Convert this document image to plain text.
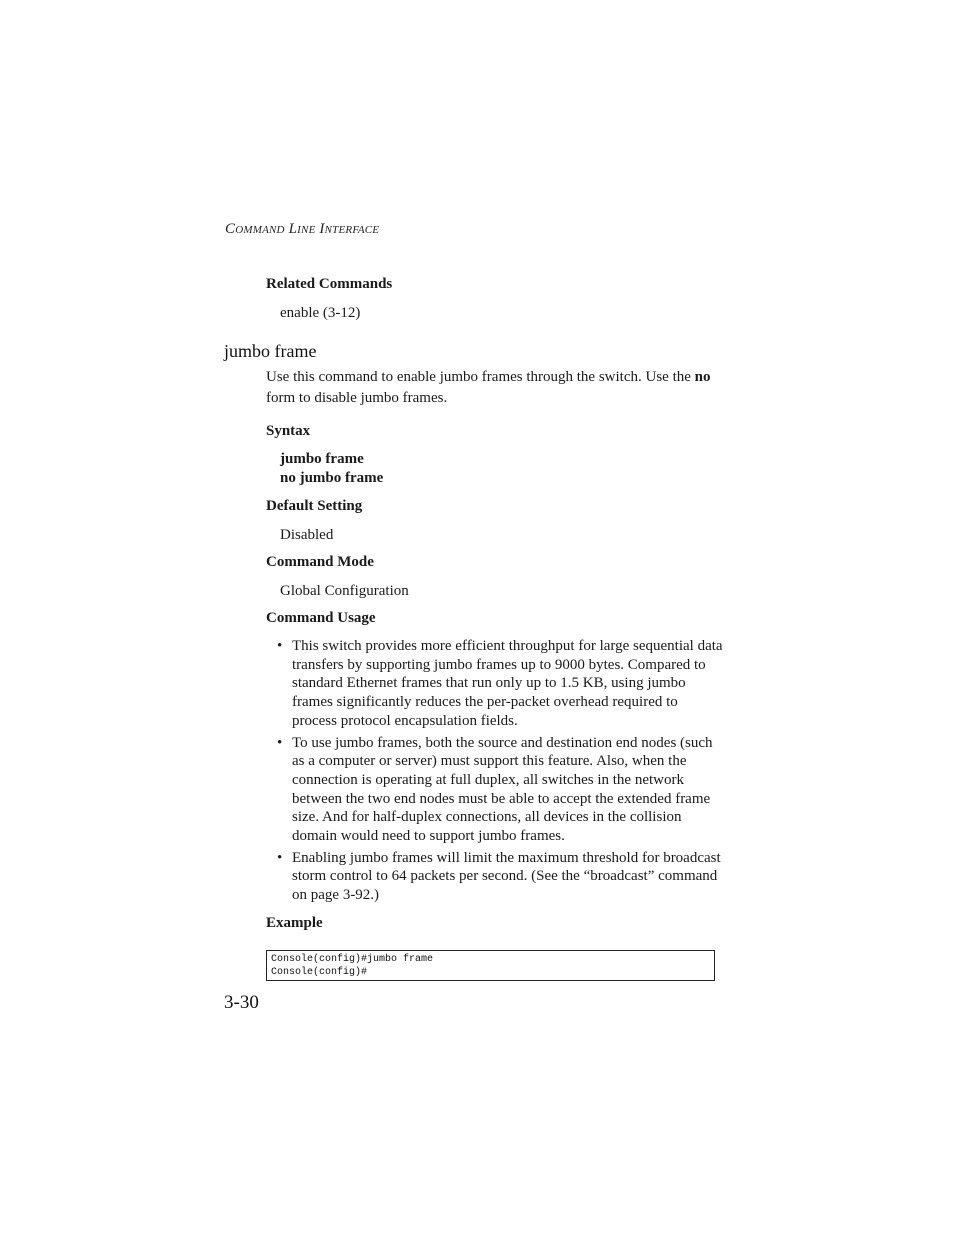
Command Line Interface
Related Commands
enable (3-12)
jumbo frame
Use this command to enable jumbo frames through the switch. Use the no form to disable jumbo frames.
Syntax
jumbo frame
no jumbo frame
Default Setting
Disabled
Command Mode
Global Configuration
Command Usage
• This switch provides more efficient throughput for large sequential data transfers by supporting jumbo frames up to 9000 bytes. Compared to standard Ethernet frames that run only up to 1.5 KB, using jumbo frames significantly reduces the per-packet overhead required to process protocol encapsulation fields.
• To use jumbo frames, both the source and destination end nodes (such as a computer or server) must support this feature. Also, when the connection is operating at full duplex, all switches in the network between the two end nodes must be able to accept the extended frame size. And for half-duplex connections, all devices in the collision domain would need to support jumbo frames.
• Enabling jumbo frames will limit the maximum threshold for broadcast storm control to 64 packets per second. (See the “broadcast” command on page 3-92.)
Example
Console(config)#jumbo frame
Console(config)#
3-30
